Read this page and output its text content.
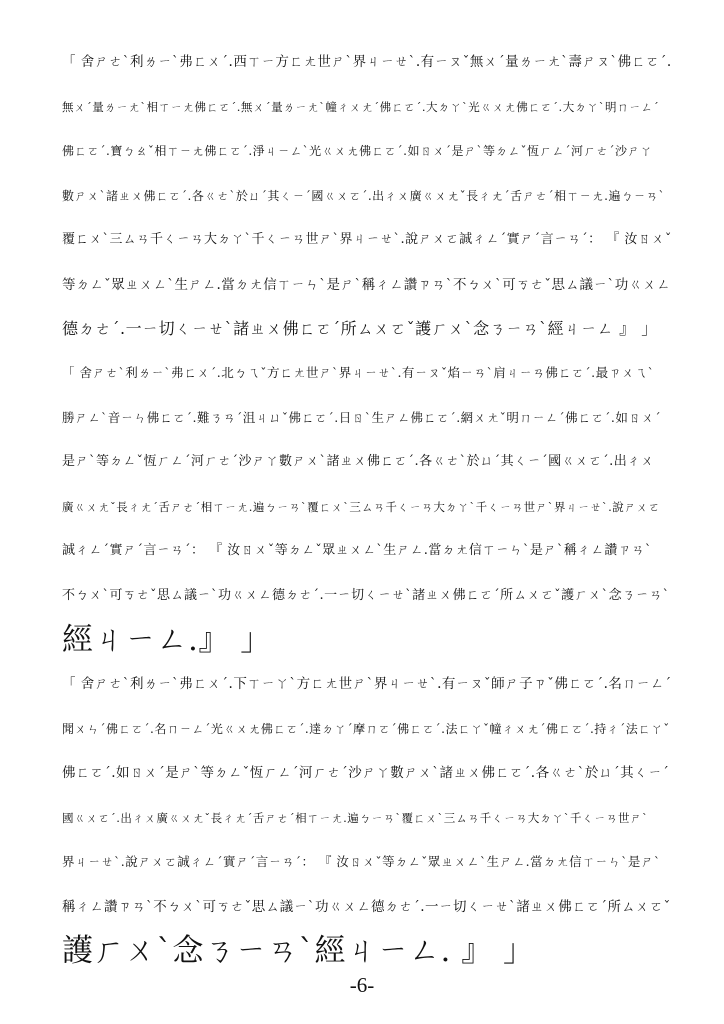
「 舍ㄕㄜˋ利ㄌㄧˋ弗ㄈㄨˊ.西ㄒㄧ方ㄈㄤ世ㄕˋ界ㄐㄧㄝˋ.有ㄧㄡˇ無ㄨˊ量ㄌㄧㄤˋ壽ㄕㄡˋ佛ㄈㄛˊ.
無ㄨˊ量ㄌㄧㄤˋ相ㄒㄧㄤ佛ㄈㄛˊ.無ㄨˊ量ㄌㄧㄤˋ幢ㄔㄨㄤˊ佛ㄈㄛˊ.大ㄉㄚˋ光ㄍㄨㄤ佛ㄈㄛˊ.大ㄉㄚˋ明ㄇㄧㄥˊ
佛ㄈㄛˊ.寶ㄅㄠˇ相ㄒㄧㄤ佛ㄈㄛˊ.淨ㄐㄧㄥˋ光ㄍㄨㄤ佛ㄈㄛˊ.如ㄖㄨˊ是ㄕˋ等ㄉㄥˇ恆ㄏㄥˊ河ㄏㄜˊ沙ㄕㄚ
數ㄕㄨˋ諸ㄓㄨ佛ㄈㄛˊ.各ㄍㄜˋ於ㄩˊ其ㄑㄧˊ國ㄍㄨㄛˊ.出ㄔㄨ廣ㄍㄨㄤˇ長ㄔㄤˊ舌ㄕㄜˊ相ㄒㄧㄤ.遍ㄅㄧㄢˋ
覆ㄈㄨˋ三ㄙㄢ千ㄑㄧㄢ大ㄉㄚˋ千ㄑㄧㄢ世ㄕˋ界ㄐㄧㄝˋ.說ㄕㄨㄛ誠ㄔㄥˊ實ㄕˊ言ㄧㄢˊ： 『 汝ㄖㄨˇ
等ㄉㄥˇ眾ㄓㄨㄥˋ生ㄕㄥ.當ㄉㄤ信ㄒㄧㄣˋ是ㄕˋ稱ㄔㄥ讚ㄗㄢˋ不ㄅㄨˋ可ㄎㄜˇ思ㄙ議ㄧˋ功ㄍㄨㄥ
德ㄉㄜˊ.一ㄧ切ㄑㄧㄝˋ諸ㄓㄨ佛ㄈㄛˊ所ㄙㄨㄛˇ護ㄏㄨˋ念ㄋㄧㄢˋ經ㄐㄧㄥ 』 」
「 舍ㄕㄜˋ利ㄌㄧˋ弗ㄈㄨˊ.北ㄅㄟˇ方ㄈㄤ世ㄕˋ界ㄐㄧㄝˋ.有ㄧㄡˇ焰ㄧㄢˋ肩ㄐㄧㄢ佛ㄈㄛˊ.最ㄗㄨㄟˋ
勝ㄕㄥˋ音ㄧㄣ佛ㄈㄛˊ.難ㄋㄢˊ沮ㄐㄩˇ佛ㄈㄛˊ.日ㄖˋ生ㄕㄥ佛ㄈㄛˊ.網ㄨㄤˇ明ㄇㄧㄥˊ佛ㄈㄛˊ.如ㄖㄨˊ
是ㄕˋ等ㄉㄥˇ恆ㄏㄥˊ河ㄏㄜˊ沙ㄕㄚ數ㄕㄨˋ諸ㄓㄨ佛ㄈㄛˊ.各ㄍㄜˋ於ㄩˊ其ㄑㄧˊ國ㄍㄨㄛˊ.出ㄔㄨ
廣ㄍㄨㄤˇ長ㄔㄤˊ舌ㄕㄜˊ相ㄒㄧㄤ.遍ㄅㄧㄢˋ覆ㄈㄨˋ三ㄙㄢ千ㄑㄧㄢ大ㄉㄚˋ千ㄑㄧㄢ世ㄕˋ界ㄐㄧㄝˋ.說ㄕㄨㄛ
誠ㄔㄥˊ實ㄕˊ言ㄧㄢˊ： 『 汝ㄖㄨˇ等ㄉㄥˇ眾ㄓㄨㄥˋ生ㄕㄥ.當ㄉㄤ信ㄒㄧㄣˋ是ㄕˋ稱ㄔㄥ讚ㄗㄢˋ
不ㄅㄨˋ可ㄎㄜˇ思ㄙ議ㄧˋ功ㄍㄨㄥ德ㄉㄜˊ.一ㄧ切ㄑㄧㄝˋ諸ㄓㄨ佛ㄈㄛˊ所ㄙㄨㄛˇ護ㄏㄨˋ念ㄋㄧㄢˋ
經ㄐㄧㄥ.』 」
「 舍ㄕㄜˋ利ㄌㄧˋ弗ㄈㄨˊ.下ㄒㄧㄚˋ方ㄈㄤ世ㄕˋ界ㄐㄧㄝˋ.有ㄧㄡˇ師ㄕ子ㄗˇ佛ㄈㄛˊ.名ㄇㄧㄥˊ
聞ㄨㄣˊ佛ㄈㄛˊ.名ㄇㄧㄥˊ光ㄍㄨㄤ佛ㄈㄛˊ.達ㄉㄚˊ摩ㄇㄛˊ佛ㄈㄛˊ.法ㄈㄚˇ幢ㄔㄨㄤˊ佛ㄈㄛˊ.持ㄔˊ法ㄈㄚˇ
佛ㄈㄛˊ.如ㄖㄨˊ是ㄕˋ等ㄉㄥˇ恆ㄏㄥˊ河ㄏㄜˊ沙ㄕㄚ數ㄕㄨˋ諸ㄓㄨ佛ㄈㄛˊ.各ㄍㄜˋ於ㄩˊ其ㄑㄧˊ
國ㄍㄨㄛˊ.出ㄔㄨ廣ㄍㄨㄤˇ長ㄔㄤˊ舌ㄕㄜˊ相ㄒㄧㄤ.遍ㄅㄧㄢˋ覆ㄈㄨˋ三ㄙㄢ千ㄑㄧㄢ大ㄉㄚˋ千ㄑㄧㄢ世ㄕˋ
界ㄐㄧㄝˋ.說ㄕㄨㄛ誠ㄔㄥˊ實ㄕˊ言ㄧㄢˊ： 『 汝ㄖㄨˇ等ㄉㄥˇ眾ㄓㄨㄥˋ生ㄕㄥ.當ㄉㄤ信ㄒㄧㄣˋ是ㄕˋ
稱ㄔㄥ讚ㄗㄢˋ不ㄅㄨˋ可ㄎㄜˇ思ㄙ議ㄧˋ功ㄍㄨㄥ德ㄉㄜˊ.一ㄧ切ㄑㄧㄝˋ諸ㄓㄨ佛ㄈㄛˊ所ㄙㄨㄛˇ
護ㄏㄨˋ念ㄋㄧㄢˋ經ㄐㄧㄥ. 』 」
-6-
